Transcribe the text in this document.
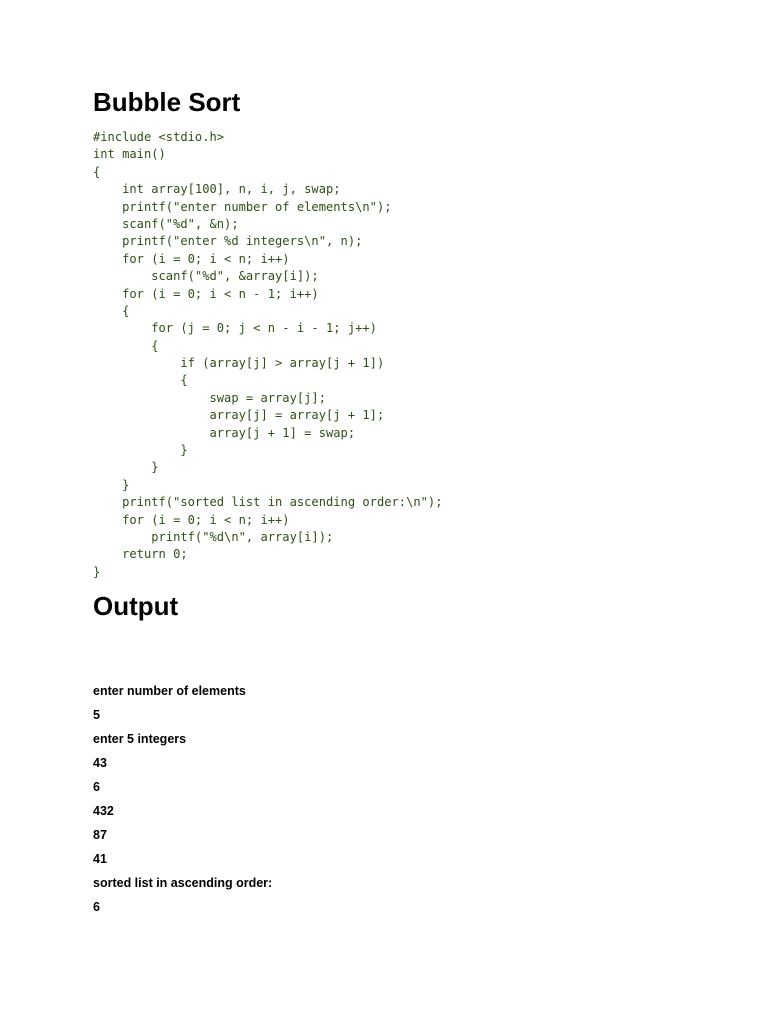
Bubble Sort
#include <stdio.h>
int main()
{
int array[100], n, i, j, swap;
printf("enter number of elements\n");
scanf("%d", &n);
printf("enter %d integers\n", n);
for (i = 0; i < n; i++)
scanf("%d", &array[i]);
for (i = 0; i < n - 1; i++)
{
for (j = 0; j < n - i - 1; j++)
{
if (array[j] > array[j + 1])
{
swap = array[j];
array[j] = array[j + 1];
array[j + 1] = swap;
}
}
}
printf("sorted list in ascending order:\n");
for (i = 0; i < n; i++)
printf("%d\n", array[i]);
return 0;
}
Output
enter number of elements
5
enter 5 integers
43
6
432
87
41
sorted list in ascending order:
6
